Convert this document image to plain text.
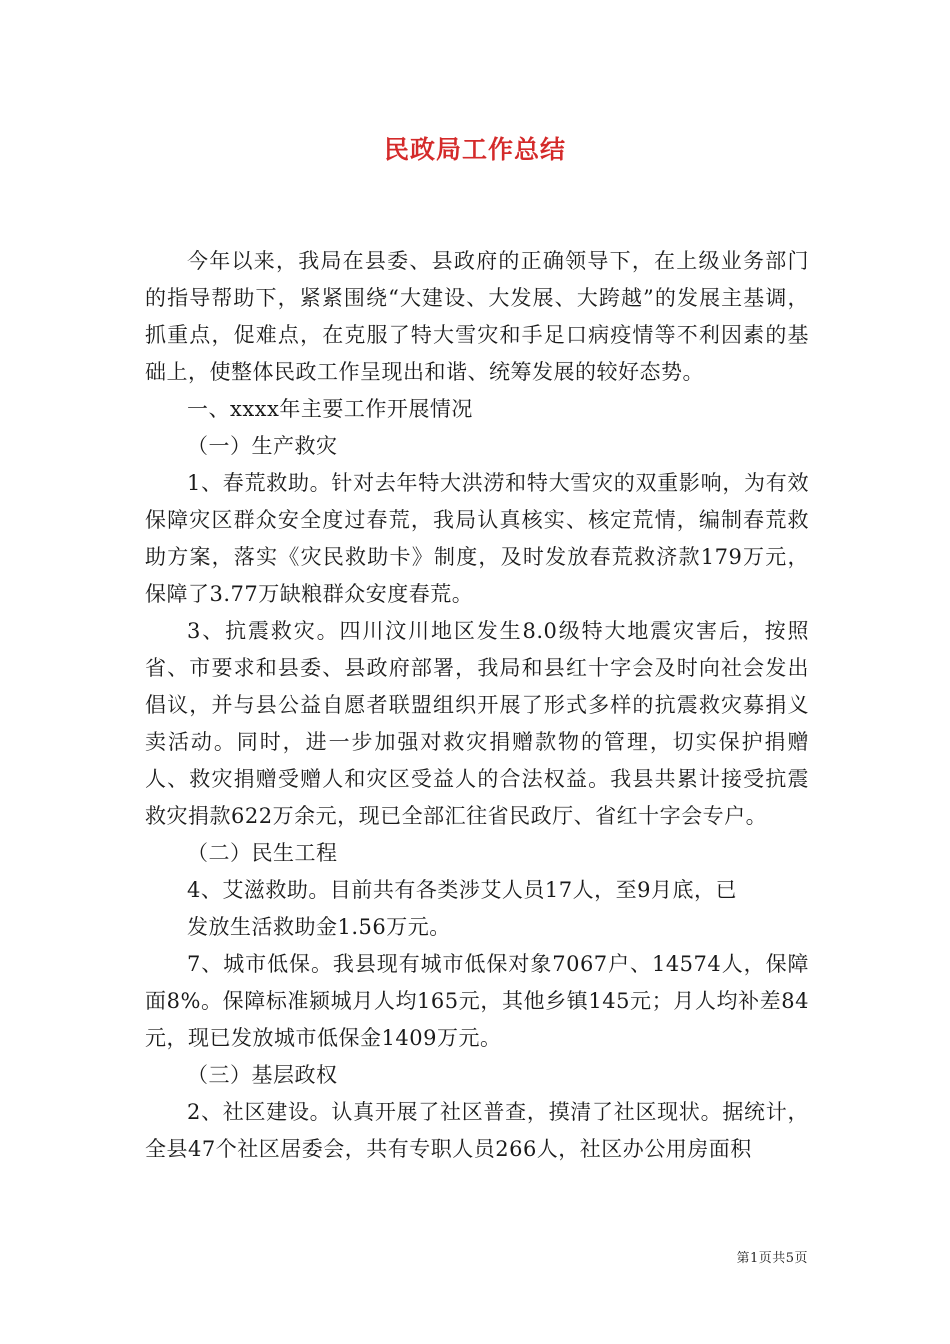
民政局工作总结

今年以来，我局在县委、县政府的正确领导下，在上级业务部门的指导帮助下，紧紧围绕“大建设、大发展、大跨越”的发展主基调，抓重点，促难点，在克服了特大雪灾和手足口病疫情等不利因素的基础上，使整体民政工作呈现出和谐、统筹发展的较好态势。

一、xxxx年主要工作开展情况

（一）生产救灾

1、春荒救助。针对去年特大洪涝和特大雪灾的双重影响，为有效保障灾区群众安全度过春荒，我局认真核实、核定荒情，编制春荒救助方案，落实《灾民救助卡》制度，及时发放春荒救济款179万元，保障了3.77万缺粮群众安度春荒。

3、抗震救灾。四川汶川地区发生8.0级特大地震灾害后，按照省、市要求和县委、县政府部署，我局和县红十字会及时向社会发出倡议，并与县公益自愿者联盟组织开展了形式多样的抗震救灾募捐义卖活动。同时，进一步加强对救灾捐赠款物的管理，切实保护捐赠人、救灾捐赠受赠人和灾区受益人的合法权益。我县共累计接受抗震救灾捐款622万余元，现已全部汇往省民政厅、省红十字会专户。

（二）民生工程

4、艾滋救助。目前共有各类涉艾人员17人，至9月底，已

发放生活救助金1.56万元。

7、城市低保。我县现有城市低保对象7067户、14574人，保障面8%。保障标准颍城月人均165元，其他乡镇145元；月人均补差84元，现已发放城市低保金1409万元。

（三）基层政权

2、社区建设。认真开展了社区普查，摸清了社区现状。据统计，全县47个社区居委会，共有专职人员266人，社区办公用房面积

第1页共5页
